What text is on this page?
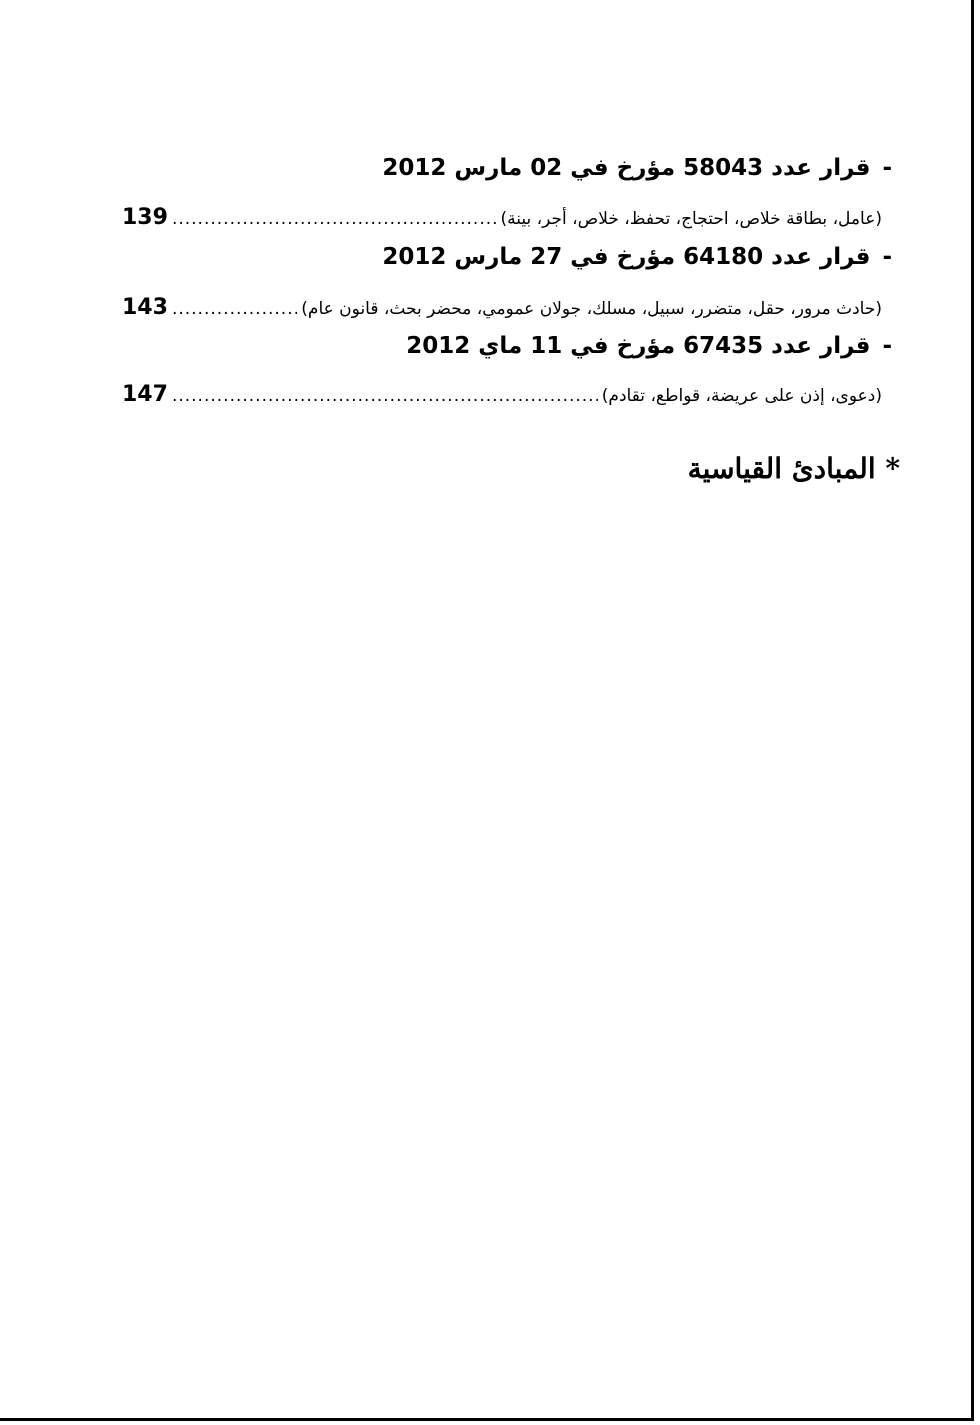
-قرار عدد 58043 مؤرخ في 02 مارس 2012
(عامل، بطاقة خلاص، احتجاج، تحفظ، خلاص، أجر، بينة)
.....
139
-قرار عدد 64180 مؤرخ في 27 مارس 2012
(حادث مرور، حقل، متضرر، سبيل، مسلك، جولان عمومي، محضر بحث، قانون عام)
.....
143
-قرار عدد 67435 مؤرخ في 11 ماي 2012
(دعوى، إذن على عريضة، قواطع، تقادم)
.....
147
* المبادئ القياسية
